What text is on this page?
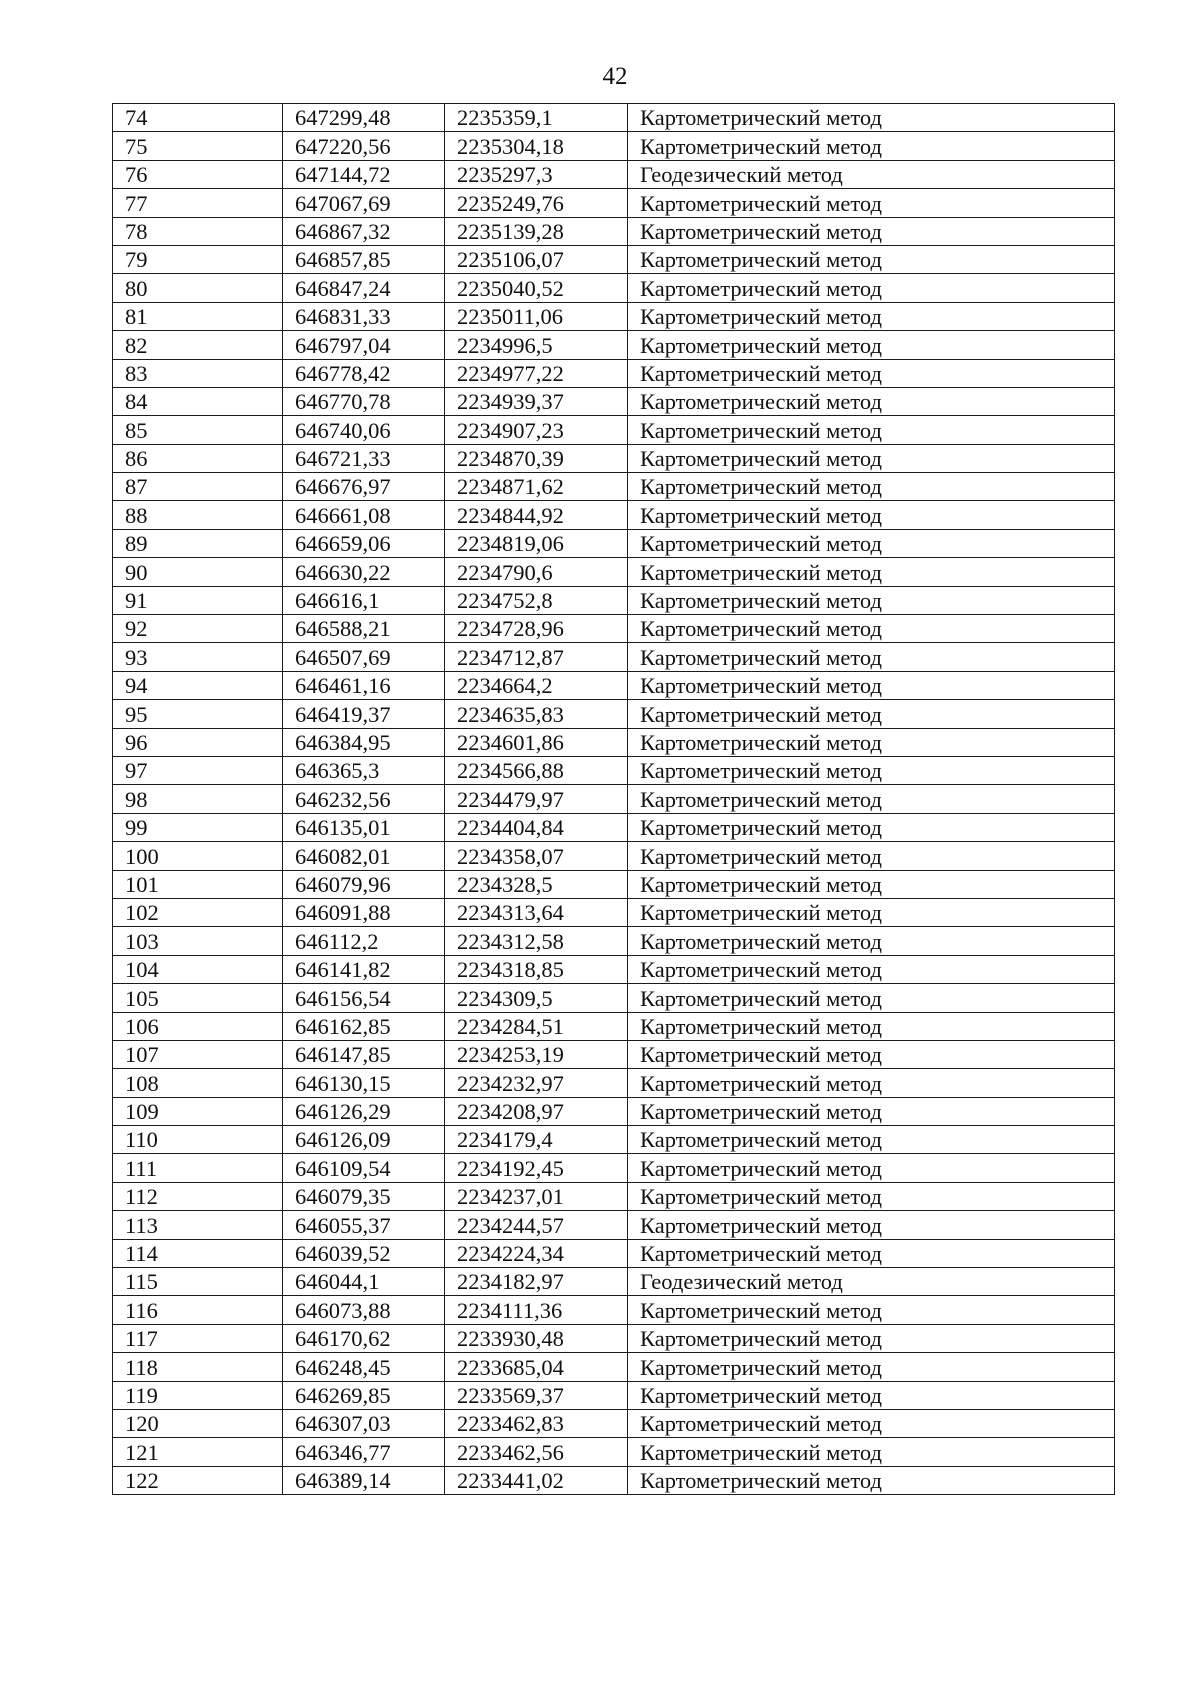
42
74	647299,48	2235359,1	Картометрический метод
75	647220,56	2235304,18	Картометрический метод
76	647144,72	2235297,3	Геодезический метод
77	647067,69	2235249,76	Картометрический метод
78	646867,32	2235139,28	Картометрический метод
79	646857,85	2235106,07	Картометрический метод
80	646847,24	2235040,52	Картометрический метод
81	646831,33	2235011,06	Картометрический метод
82	646797,04	2234996,5	Картометрический метод
83	646778,42	2234977,22	Картометрический метод
84	646770,78	2234939,37	Картометрический метод
85	646740,06	2234907,23	Картометрический метод
86	646721,33	2234870,39	Картометрический метод
87	646676,97	2234871,62	Картометрический метод
88	646661,08	2234844,92	Картометрический метод
89	646659,06	2234819,06	Картометрический метод
90	646630,22	2234790,6	Картометрический метод
91	646616,1	2234752,8	Картометрический метод
92	646588,21	2234728,96	Картометрический метод
93	646507,69	2234712,87	Картометрический метод
94	646461,16	2234664,2	Картометрический метод
95	646419,37	2234635,83	Картометрический метод
96	646384,95	2234601,86	Картометрический метод
97	646365,3	2234566,88	Картометрический метод
98	646232,56	2234479,97	Картометрический метод
99	646135,01	2234404,84	Картометрический метод
100	646082,01	2234358,07	Картометрический метод
101	646079,96	2234328,5	Картометрический метод
102	646091,88	2234313,64	Картометрический метод
103	646112,2	2234312,58	Картометрический метод
104	646141,82	2234318,85	Картометрический метод
105	646156,54	2234309,5	Картометрический метод
106	646162,85	2234284,51	Картометрический метод
107	646147,85	2234253,19	Картометрический метод
108	646130,15	2234232,97	Картометрический метод
109	646126,29	2234208,97	Картометрический метод
110	646126,09	2234179,4	Картометрический метод
111	646109,54	2234192,45	Картометрический метод
112	646079,35	2234237,01	Картометрический метод
113	646055,37	2234244,57	Картометрический метод
114	646039,52	2234224,34	Картометрический метод
115	646044,1	2234182,97	Геодезический метод
116	646073,88	2234111,36	Картометрический метод
117	646170,62	2233930,48	Картометрический метод
118	646248,45	2233685,04	Картометрический метод
119	646269,85	2233569,37	Картометрический метод
120	646307,03	2233462,83	Картометрический метод
121	646346,77	2233462,56	Картометрический метод
122	646389,14	2233441,02	Картометрический метод
